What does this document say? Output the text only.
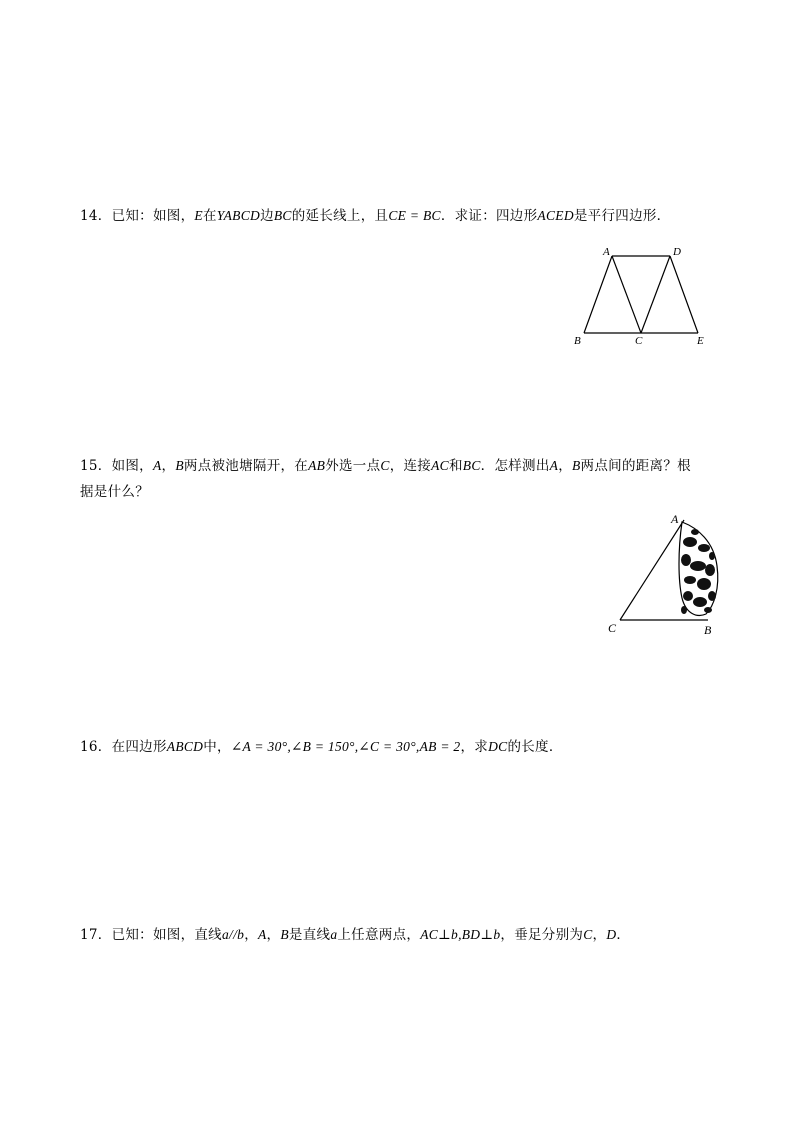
14．已知：如图，E在YABCD边BC的延长线上，且CE = BC．求证：四边形ACED是平行四边形．
A	D
B	C	E
15．如图，A，B两点被池塘隔开，在AB外选一点C，连接AC和BC．怎样测出A，B两点间的距离？根
据是什么？
A
C	B
16．在四边形ABCD中，∠A = 30°,∠B = 150°,∠C = 30°,AB = 2，求DC的长度．
17．已知：如图，直线a//b，A，B是直线a上任意两点，AC⊥b,BD⊥b，垂足分别为C，D．
